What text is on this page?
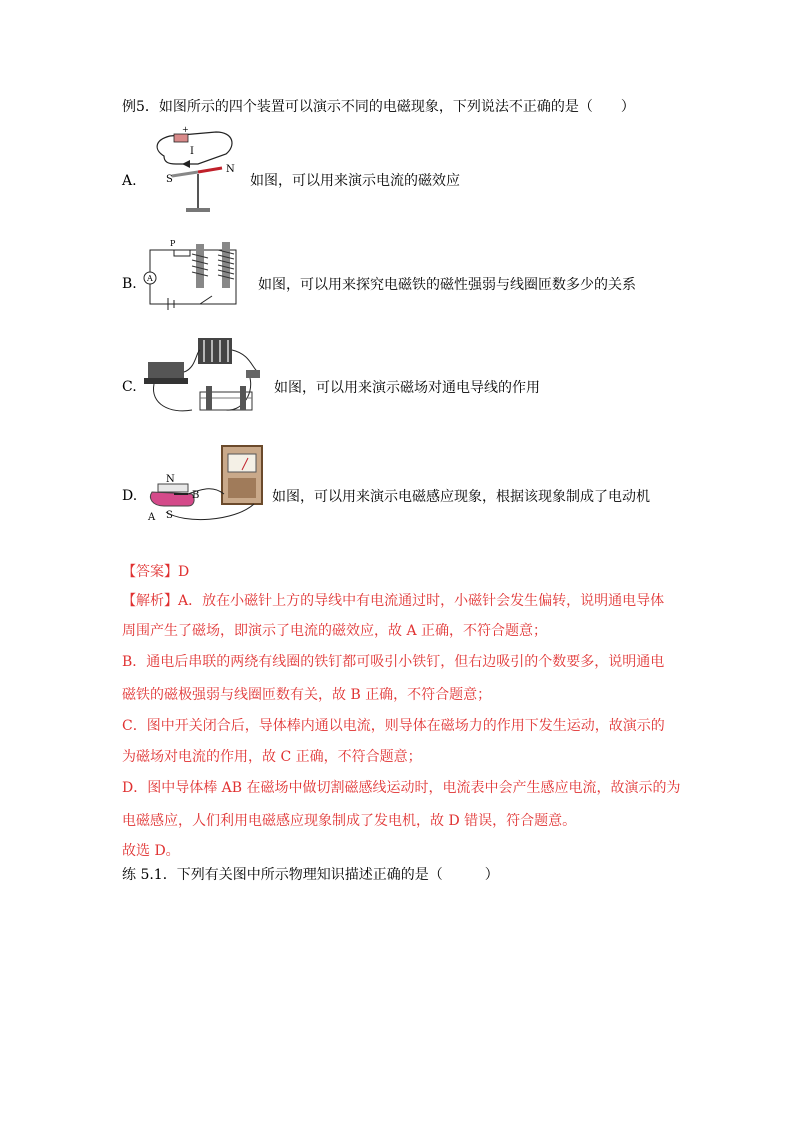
例5．如图所示的四个装置可以演示不同的电磁现象，下列说法不正确的是（　　）
A.
+
I
S
N
如图，可以用来演示电流的磁效应
B. A
P
如图，可以用来探究电磁铁的磁性强弱与线圈匝数多少的关系
C.	如图，可以用来演示磁场对通电导线的作用
D.
N
B
A S
如图，可以用来演示电磁感应现象，根据该现象制成了电动机
【答案】D
【解析】A．放在小磁针上方的导线中有电流通过时，小磁针会发生偏转，说明通电导体
周围产生了磁场，即演示了电流的磁效应，故 A 正确，不符合题意；
B．通电后串联的两绕有线圈的铁钉都可吸引小铁钉，但右边吸引的个数要多，说明通电
磁铁的磁极强弱与线圈匝数有关，故 B 正确，不符合题意；
C．图中开关闭合后，导体棒内通以电流，则导体在磁场力的作用下发生运动，故演示的
为磁场对电流的作用，故 C 正确，不符合题意；
D．图中导体棒 AB 在磁场中做切割磁感线运动时，电流表中会产生感应电流，故演示的为
电磁感应，人们利用电磁感应现象制成了发电机，故 D 错误，符合题意。
故选 D。
练 5.1．下列有关图中所示物理知识描述正确的是（　　　）
